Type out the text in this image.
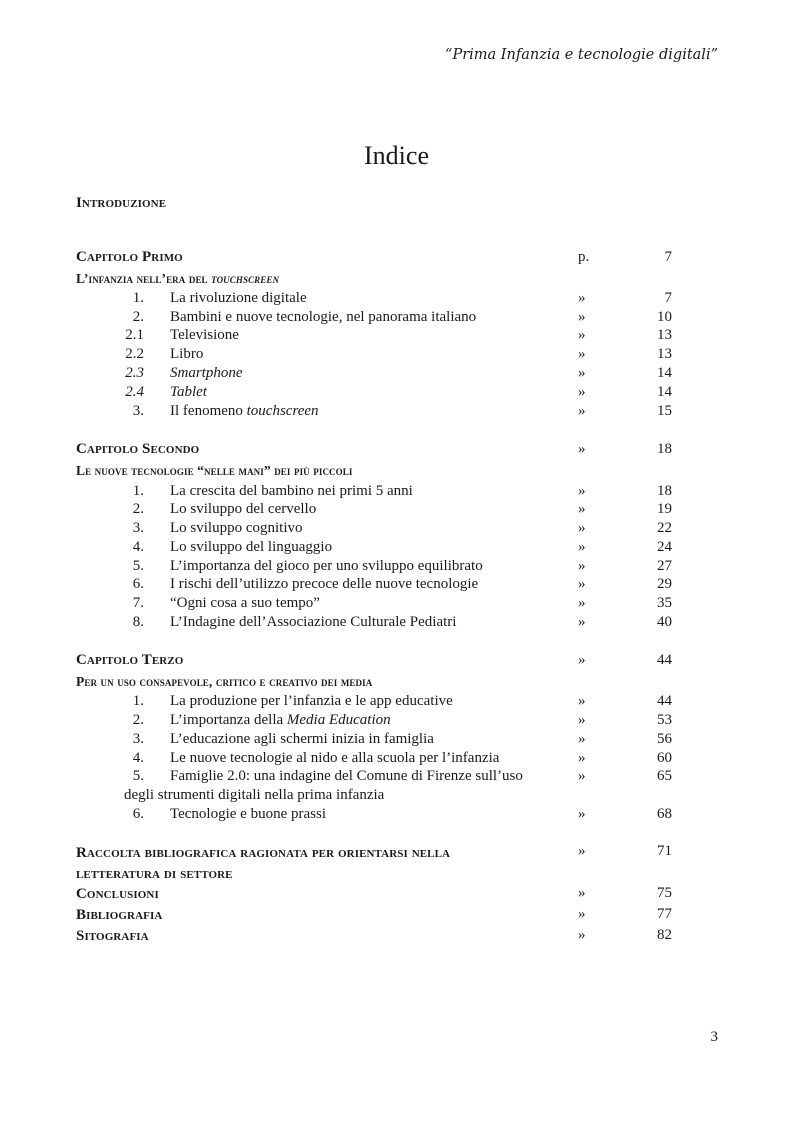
“Prima Infanzia e tecnologie digitali”
Indice
Introduzione
Capitolo Primo	p.	7
L’infanzia nell’era del touchscreen
1. La rivoluzione digitale	»	7
2. Bambini e nuove tecnologie, nel panorama italiano	»	10
2.1 Televisione	»	13
2.2 Libro	»	13
2.3 Smartphone	»	14
2.4 Tablet	»	14
3. Il fenomeno touchscreen	»	15
Capitolo Secondo	»	18
Le nuove tecnologie “nelle mani” dei più piccoli
1. La crescita del bambino nei primi 5 anni	»	18
2. Lo sviluppo del cervello	»	19
3. Lo sviluppo cognitivo	»	22
4. Lo sviluppo del linguaggio	»	24
5. L’importanza del gioco per uno sviluppo equilibrato	»	27
6. I rischi dell’utilizzo precoce delle nuove tecnologie	»	29
7. “Ogni cosa a suo tempo”	»	35
8. L’Indagine dell’Associazione Culturale Pediatri	»	40
Capitolo Terzo	»	44
Per un uso consapevole, critico e creativo dei media
1. La produzione per l’infanzia e le app educative	»	44
2. L’importanza della Media Education	»	53
3. L’educazione agli schermi inizia in famiglia	»	56
4. Le nuove tecnologie al nido e alla scuola per l’infanzia	»	60
5. Famiglie 2.0: una indagine del Comune di Firenze sull’uso	»	65
degli strumenti digitali nella prima infanzia
6. Tecnologie e buone prassi	»	68
Raccolta bibliografica ragionata per orientarsi nella	»	71
letteratura di settore
Conclusioni	»	75
Bibliografia	»	77
Sitografia	»	82
3
